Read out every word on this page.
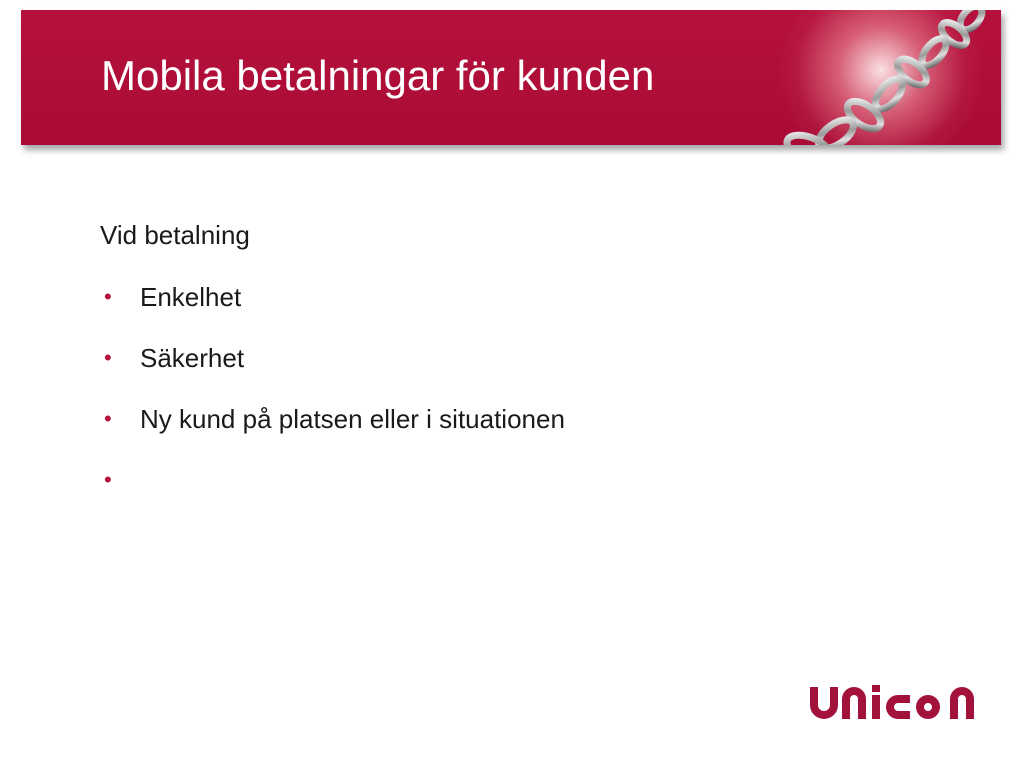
Mobila betalningar för kunden

Vid betalning

• Enkelhet
• Säkerhet
• Ny kund på platsen eller i situationen
•
